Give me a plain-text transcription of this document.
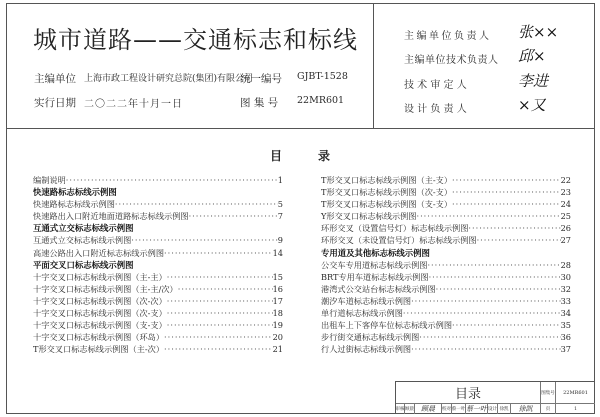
城市道路——交通标志和标线
主编单位 上海市政工程设计研究总院(集团)有限公司
统一编号 GJBT-1528
实行日期 二〇二二年十月一日	图 集 号 22MR601
主编单位负责人	张××
主编单位技术负责人 邱×
技 术 审 定 人	李进
设 计 负 责 人	×又
目	录
编制说明 ·····	1
快速路标志标线示例图
快速路标志标线示例图 ·····	5
快速路出入口附近地面道路标志标线示例图 ·····	7
互通式立交标志标线示例图
互通式立交标志标线示例图 ·····	9
高速公路出入口附近标志标线示例图 ·····	14
平面交叉口标志标线示例图
十字交叉口标志标线示例图（主-主） ·····	15
十字交叉口标志标线示例图（主-主/次） ·····	16
十字交叉口标志标线示例图（次-次） ·····	17
十字交叉口标志标线示例图（次-支） ·····	18
十字交叉口标志标线示例图（支-支） ·····	19
十字交叉口标志标线示例图（环岛） ·····	20
T形交叉口标志标线示例图（主-次） ·····	21
T形交叉口标志标线示例图（主-支） ·····	22
T形交叉口标志标线示例图（次-支） ·····	23
T形交叉口标志标线示例图（支-支） ·····	24
Y形交叉口标志标线示例图 ·····	25
环形交叉（设置信号灯）标志标线示例图 ·····	26
环形交叉（未设置信号灯）标志标线示例图 ·····	27
专用道及其他标志标线示例图
公交车专用道标志标线示例图 ·····	28
BRT专用车道标志标线示例图 ·····	30
港湾式公交站台标志标线示例图 ·····	32
潮汐车道标志标线示例图 ·····	33
单行道标志标线示例图 ·····	34
出租车上下客停车位标志标线示例图 ·····	35
步行街交通标志标线示例图 ·····	36
行人过街标志标线示例图 ·····	37
目录	图集号	22MR601
审核 顾晨	顾晨	校对 蔡一叶 蔡一叶 设计 徐凯	徐凯	页	1
